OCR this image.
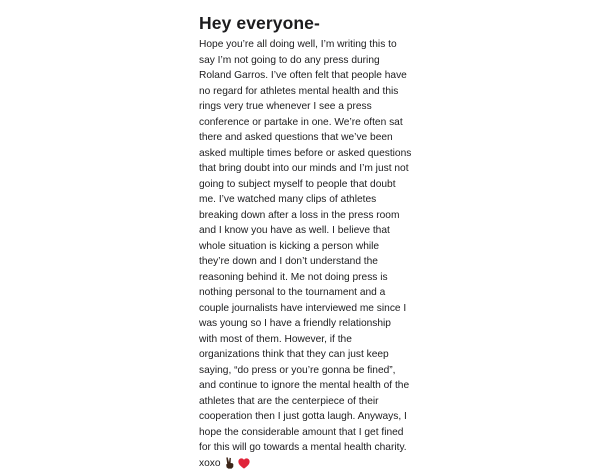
Hey everyone-
Hope you’re all doing well, I’m writing this to
say I’m not going to do any press during
Roland Garros. I’ve often felt that people have
no regard for athletes mental health and this
rings very true whenever I see a press
conference or partake in one. We’re often sat
there and asked questions that we’ve been
asked multiple times before or asked questions
that bring doubt into our minds and I’m just not
going to subject myself to people that doubt
me. I’ve watched many clips of athletes
breaking down after a loss in the press room
and I know you have as well. I believe that
whole situation is kicking a person while
they’re down and I don’t understand the
reasoning behind it. Me not doing press is
nothing personal to the tournament and a
couple journalists have interviewed me since I
was young so I have a friendly relationship
with most of them. However, if the
organizations think that they can just keep
saying, “do press or you’re gonna be fined”,
and continue to ignore the mental health of the
athletes that are the centerpiece of their
cooperation then I just gotta laugh. Anyways, I
hope the considerable amount that I get fined
for this will go towards a mental health charity.
xoxo
